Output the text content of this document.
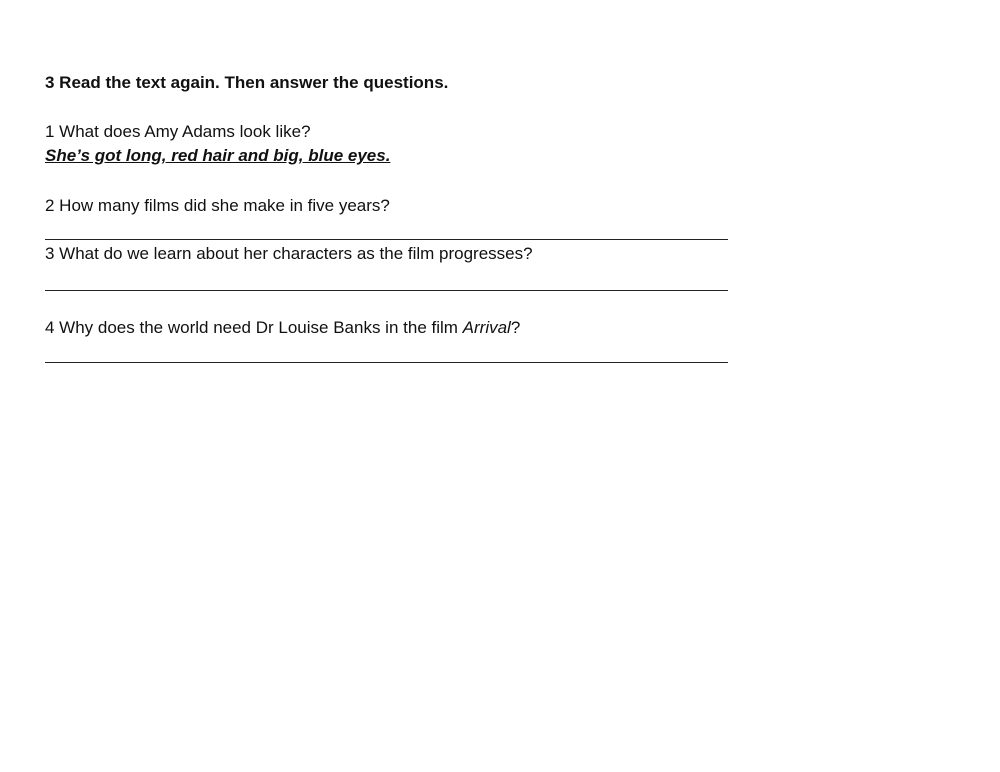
3 Read the text again. Then answer the questions.
1 What does Amy Adams look like?
She’s got long, red hair and big, blue eyes.
2 How many films did she make in five years?
3 What do we learn about her characters as the film progresses?
4 Why does the world need Dr Louise Banks in the film Arrival?
